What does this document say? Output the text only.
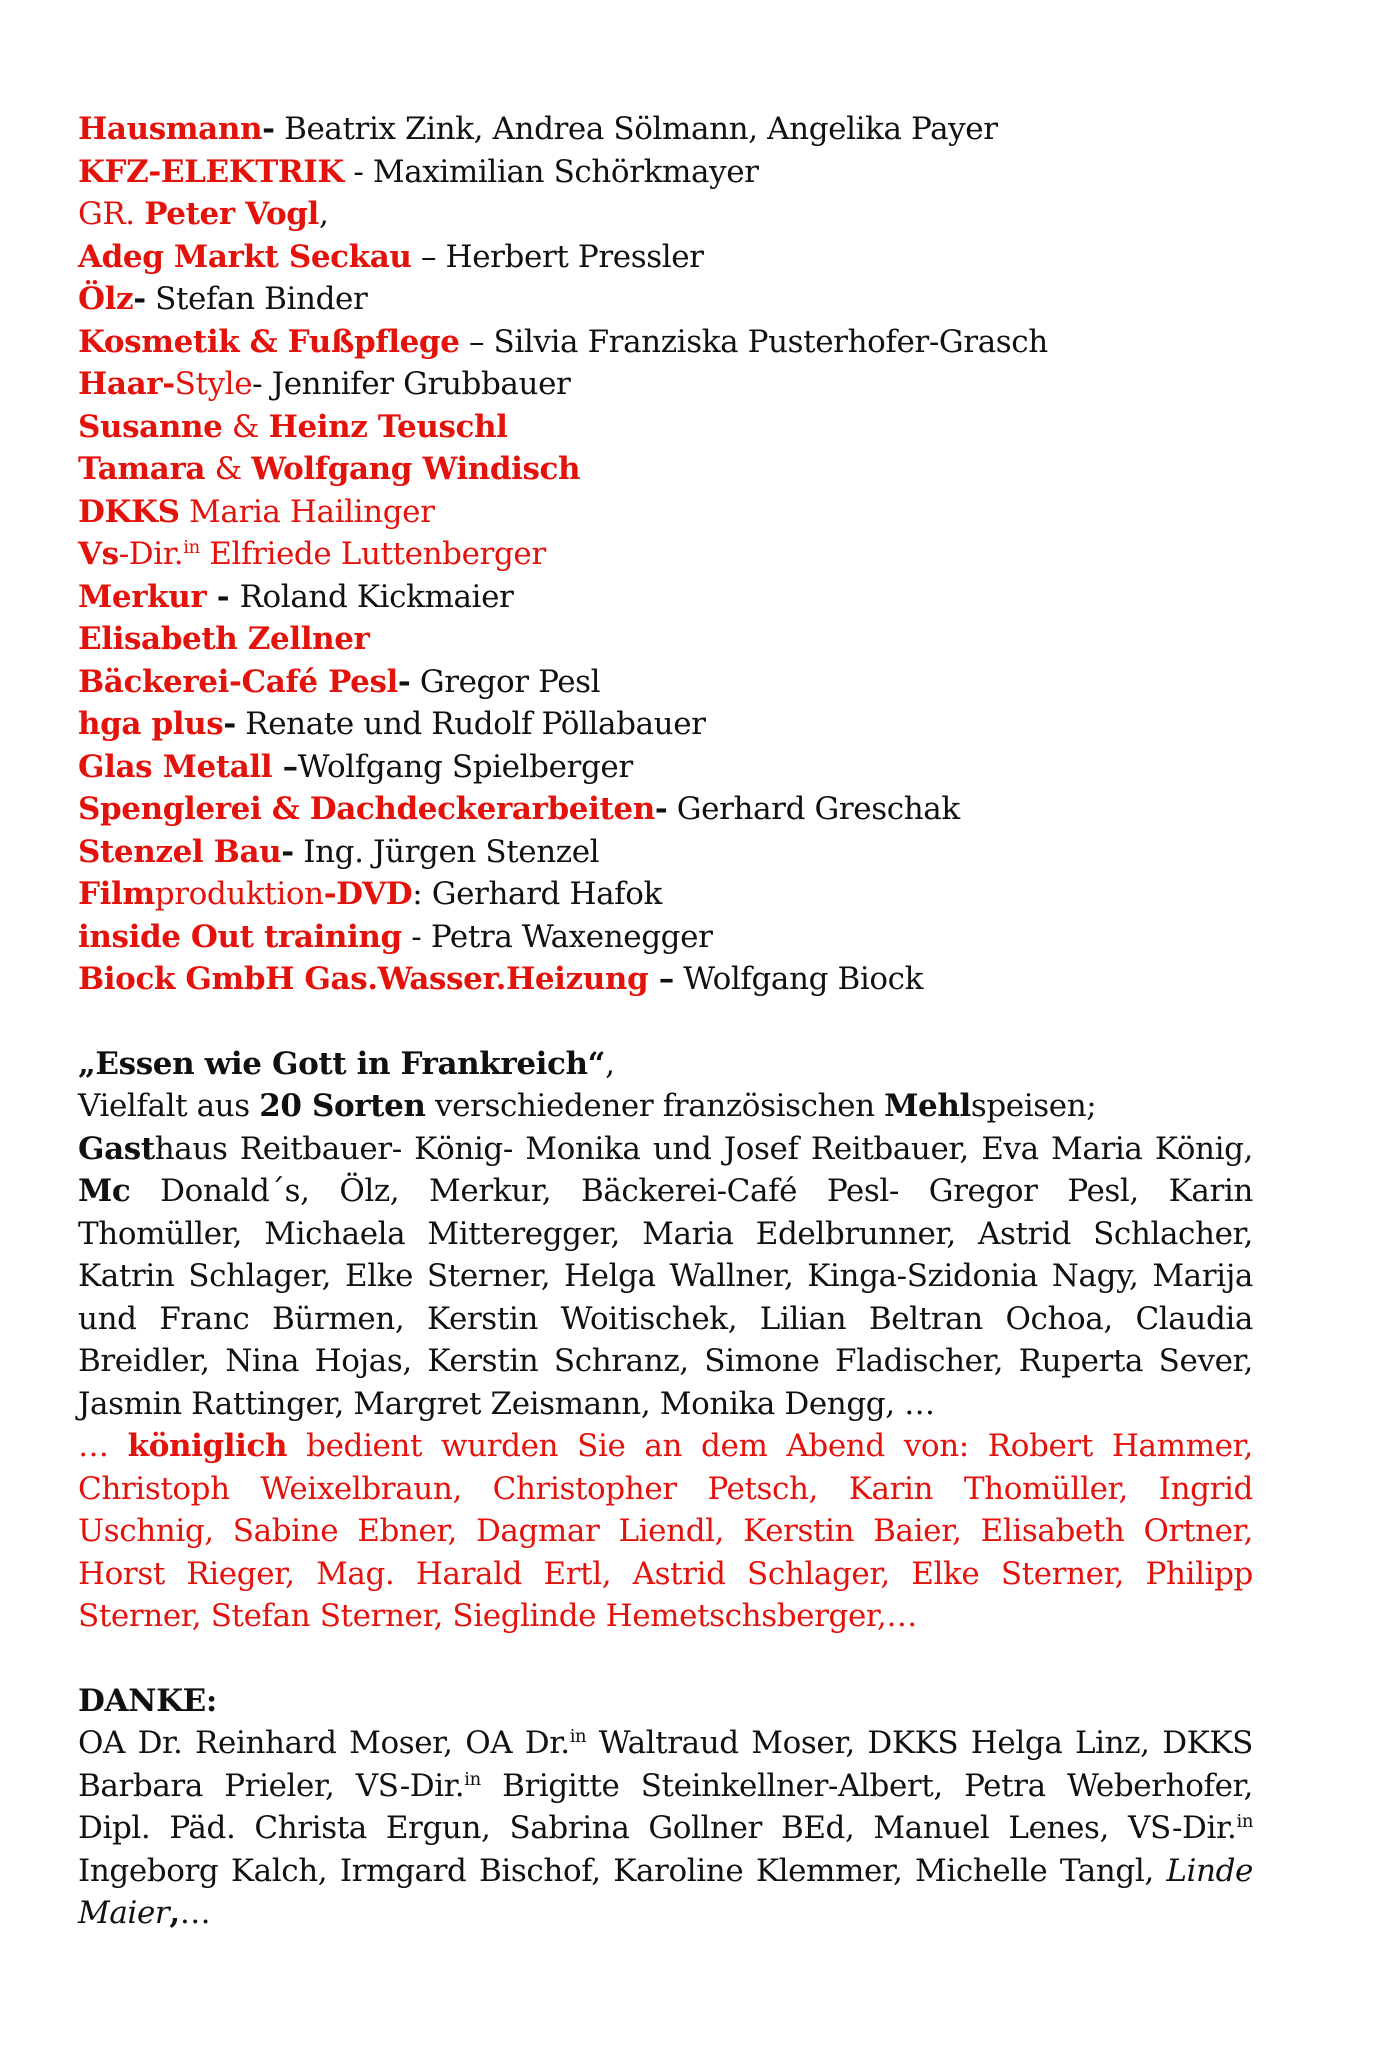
Hausmann- Beatrix Zink, Andrea Sölmann, Angelika Payer
KFZ-ELEKTRIK - Maximilian Schörkmayer
GR. Peter Vogl,
Adeg Markt Seckau – Herbert Pressler
Ölz- Stefan Binder
Kosmetik & Fußpflege – Silvia Franziska Pusterhofer-Grasch
Haar-Style- Jennifer Grubbauer
Susanne & Heinz Teuschl
Tamara & Wolfgang Windisch
DKKS Maria Hailinger
Vs-Dir.$^{in}$ Elfriede Luttenberger
Merkur - Roland Kickmaier
Elisabeth Zellner
Bäckerei-Café Pesl- Gregor Pesl
hga plus- Renate und Rudolf Pöllabauer
Glas Metall –Wolfgang Spielberger
Spenglerei & Dachdeckerarbeiten- Gerhard Greschak
Stenzel Bau- Ing. Jürgen Stenzel
Filmproduktion-DVD: Gerhard Hafok
inside Out training - Petra Waxenegger
Biock GmbH Gas.Wasser.Heizung – Wolfgang Biock

„Essen wie Gott in Frankreich“,

Vielfalt aus 20 Sorten verschiedener französischen Mehlspeisen;

Gasthaus Reitbauer- König- Monika und Josef Reitbauer, Eva Maria König, Mc Donald´s, Ölz, Merkur, Bäckerei-Café Pesl- Gregor Pesl, Karin Thomüller, Michaela Mitteregger, Maria Edelbrunner, Astrid Schlacher, Katrin Schlager, Elke Sterner, Helga Wallner, Kinga-Szidonia Nagy, Marija und Franc Bürmen, Kerstin Woitischek, Lilian Beltran Ochoa, Claudia Breidler, Nina Hojas, Kerstin Schranz, Simone Fladischer, Ruperta Sever, Jasmin Rattinger, Margret Zeismann, Monika Dengg, …

… königlich bedient wurden Sie an dem Abend von: Robert Hammer, Christoph Weixelbraun, Christopher Petsch, Karin Thomüller, Ingrid Uschnig, Sabine Ebner, Dagmar Liendl, Kerstin Baier, Elisabeth Ortner, Horst Rieger, Mag. Harald Ertl, Astrid Schlager, Elke Sterner, Philipp Sterner, Stefan Sterner, Sieglinde Hemetschsberger,…

DANKE:

OA Dr. Reinhard Moser, OA Dr.$^{in}$ Waltraud Moser, DKKS Helga Linz, DKKS Barbara Prieler, VS-Dir.$^{in}$ Brigitte Steinkellner-Albert, Petra Weberhofer, Dipl. Päd. Christa Ergun, Sabrina Gollner BEd, Manuel Lenes, VS-Dir.$^{in}$ Ingeborg Kalch, Irmgard Bischof, Karoline Klemmer, Michelle Tangl, Linde Maier,…
